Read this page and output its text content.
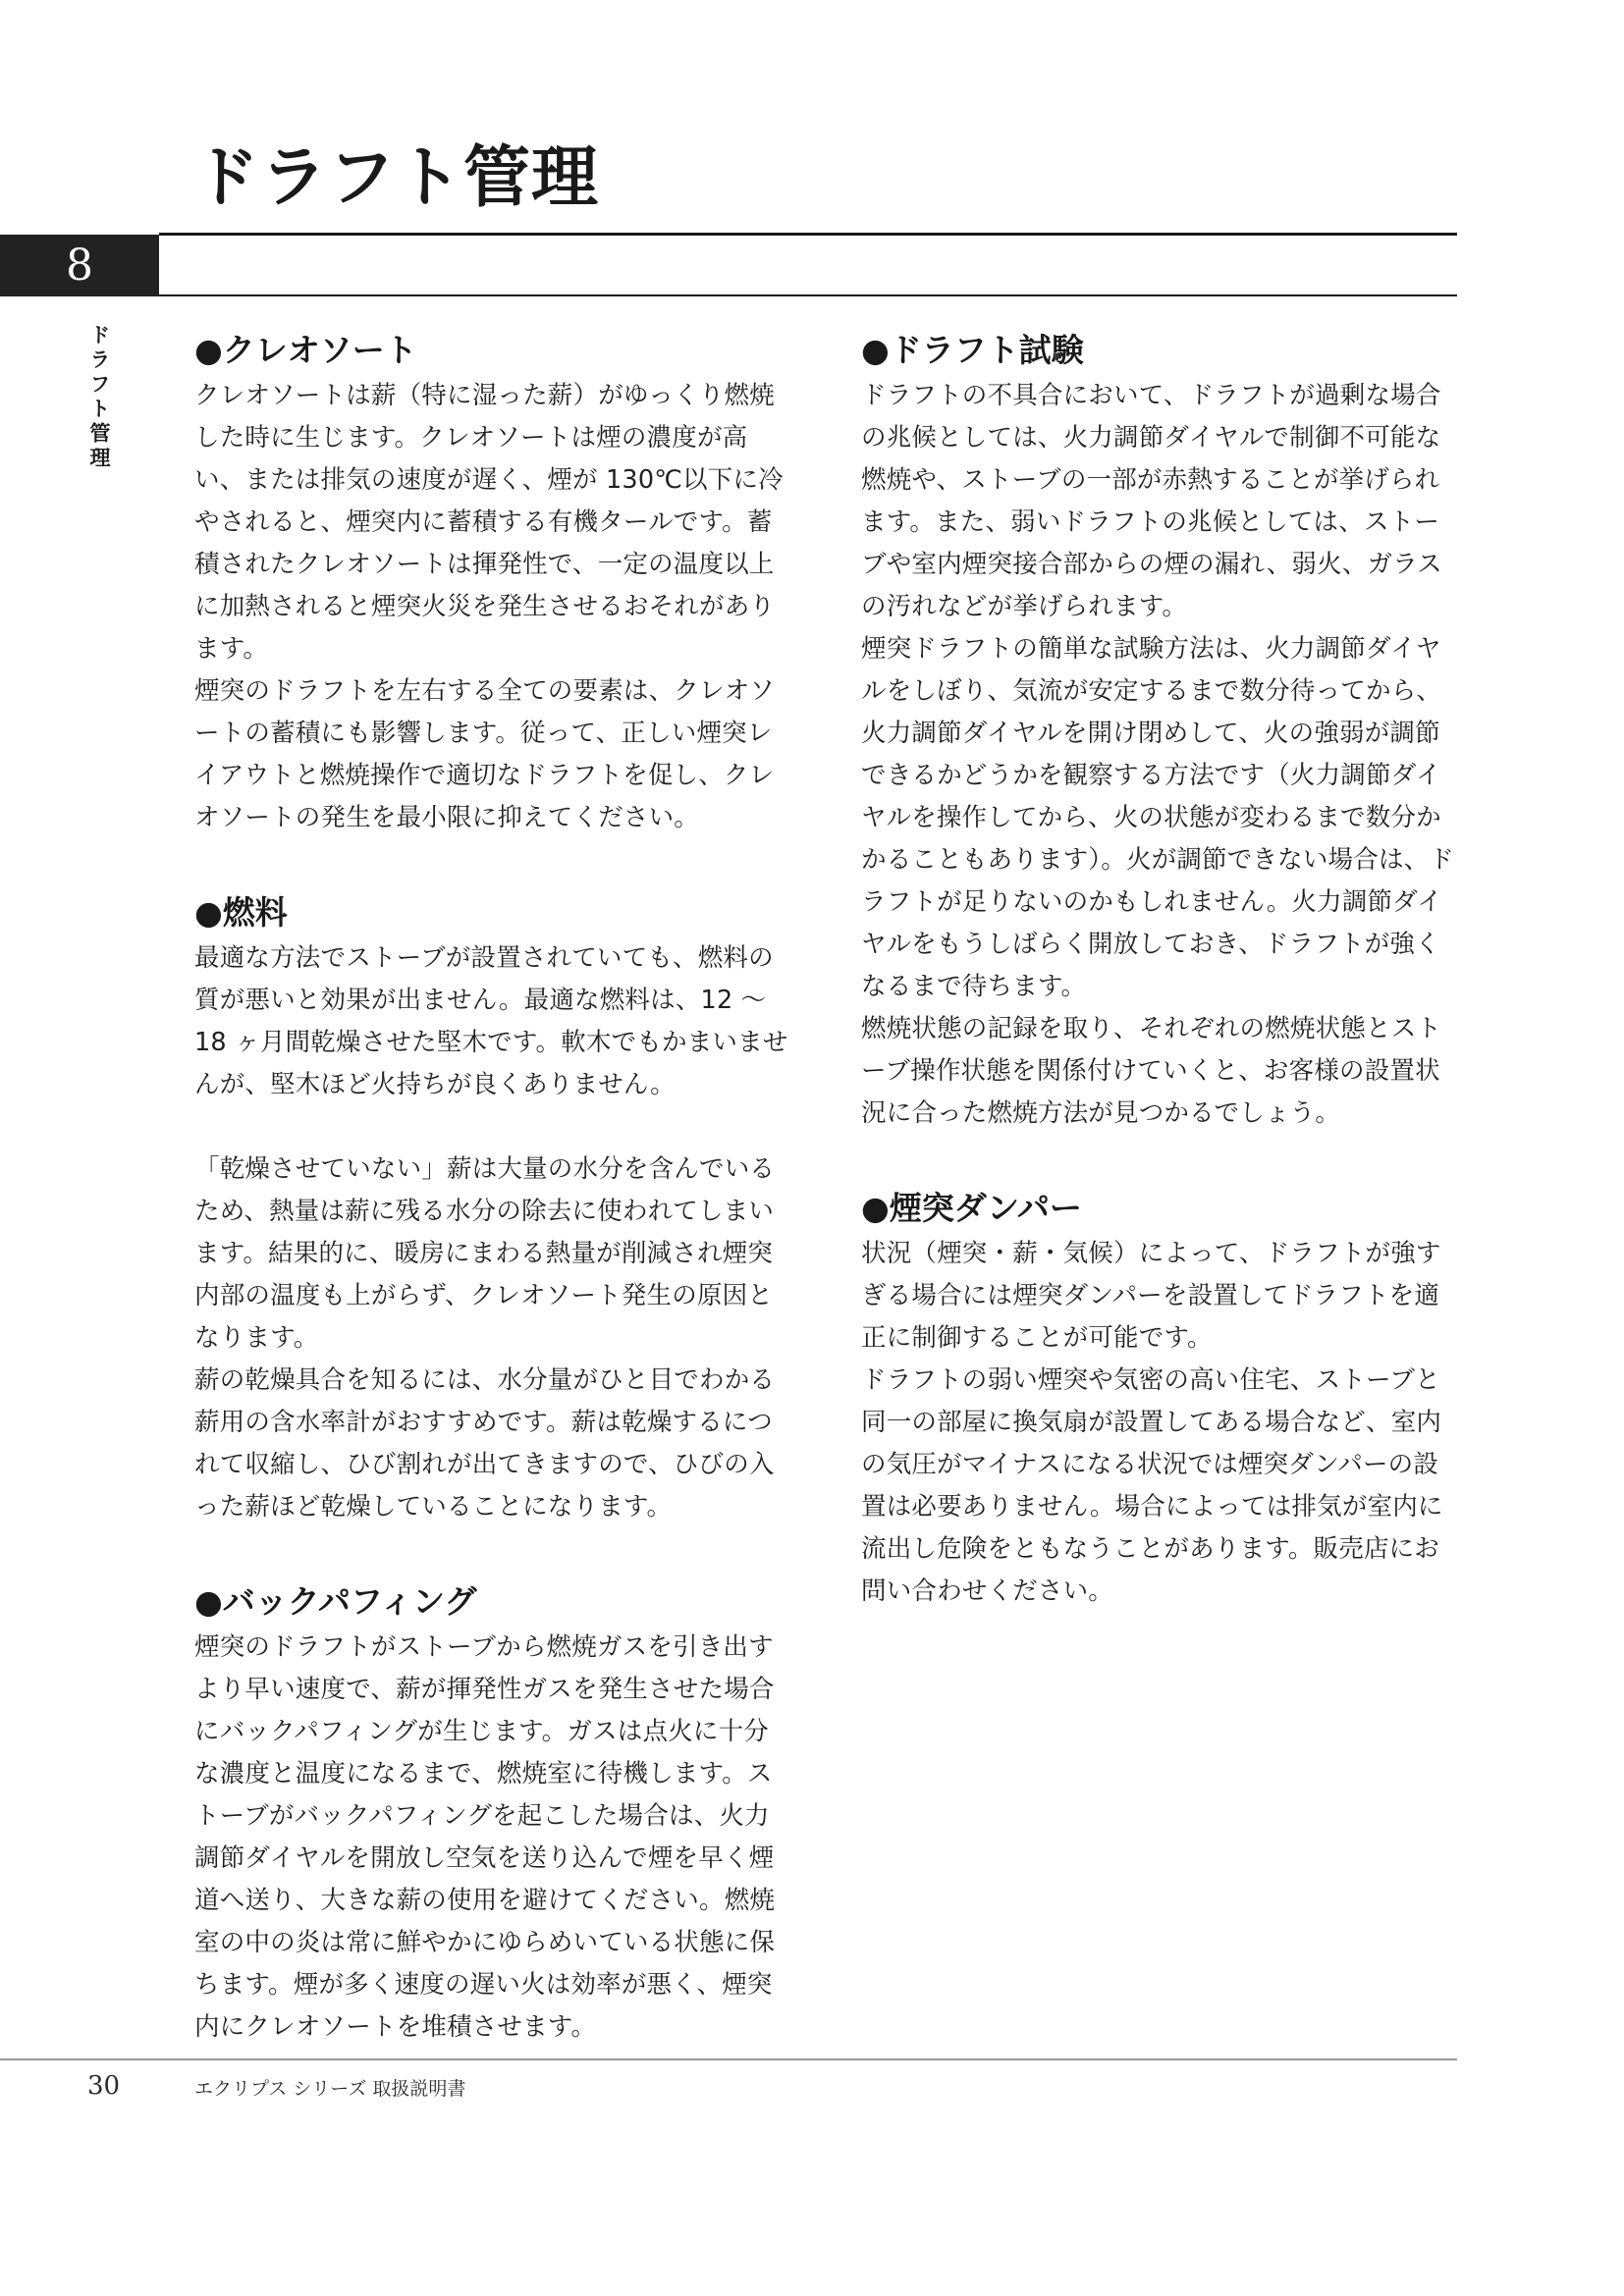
ドラフト管理
8
ドラフト管理	●クレオソート

クレオソートは薪（特に湿った薪）がゆっくり燃焼した時に生じます。クレオソートは煙の濃度が高い、または排気の速度が遅く、煙が 130℃以下に冷やされると、煙突内に蓄積する有機タールです。蓄積されたクレオソートは揮発性で、一定の温度以上に加熱されると煙突火災を発生させるおそれがあります。

煙突のドラフトを左右する全ての要素は、クレオソートの蓄積にも影響します。従って、正しい煙突レイアウトと燃焼操作で適切なドラフトを促し、クレオソートの発生を最小限に抑えてください。

●燃料

最適な方法でストーブが設置されていても、燃料の質が悪いと効果が出ません。最適な燃料は、12 ～ 18 ヶ月間乾燥させた堅木です。軟木でもかまいませんが、堅木ほど火持ちが良くありません。

「乾燥させていない」薪は大量の水分を含んでいるため、熱量は薪に残る水分の除去に使われてしまいます。結果的に、暖房にまわる熱量が削減され煙突内部の温度も上がらず、クレオソート発生の原因となります。

薪の乾燥具合を知るには、水分量がひと目でわかる薪用の含水率計がおすすめです。薪は乾燥するにつれて収縮し、ひび割れが出てきますので、ひびの入った薪ほど乾燥していることになります。

●バックパフィング

煙突のドラフトがストーブから燃焼ガスを引き出すより早い速度で、薪が揮発性ガスを発生させた場合にバックパフィングが生じます。ガスは点火に十分な濃度と温度になるまで、燃焼室に待機します。ストーブがバックパフィングを起こした場合は、火力調節ダイヤルを開放し空気を送り込んで煙を早く煙道へ送り、大きな薪の使用を避けてください。燃焼室の中の炎は常に鮮やかにゆらめいている状態に保ちます。煙が多く速度の遅い火は効率が悪く、煙突内にクレオソートを堆積させます。

●ドラフト試験

ドラフトの不具合において、ドラフトが過剰な場合の兆候としては、火力調節ダイヤルで制御不可能な燃焼や、ストーブの一部が赤熱することが挙げられます。また、弱いドラフトの兆候としては、ストーブや室内煙突接合部からの煙の漏れ、弱火、ガラスの汚れなどが挙げられます。

煙突ドラフトの簡単な試験方法は、火力調節ダイヤルをしぼり、気流が安定するまで数分待ってから、火力調節ダイヤルを開け閉めして、火の強弱が調節できるかどうかを観察する方法です（火力調節ダイヤルを操作してから、火の状態が変わるまで数分かかることもあります）。火が調節できない場合は、ドラフトが足りないのかもしれません。火力調節ダイヤルをもうしばらく開放しておき、ドラフトが強くなるまで待ちます。

燃焼状態の記録を取り、それぞれの燃焼状態とストーブ操作状態を関係付けていくと、お客様の設置状況に合った燃焼方法が見つかるでしょう。

●煙突ダンパー

状況（煙突・薪・気候）によって、ドラフトが強すぎる場合には煙突ダンパーを設置してドラフトを適正に制御することが可能です。

ドラフトの弱い煙突や気密の高い住宅、ストーブと同一の部屋に換気扇が設置してある場合など、室内の気圧がマイナスになる状況では煙突ダンパーの設置は必要ありません。場合によっては排気が室内に流出し危険をともなうことがあります。販売店にお問い合わせください。

30	エクリプス シリーズ 取扱説明書
